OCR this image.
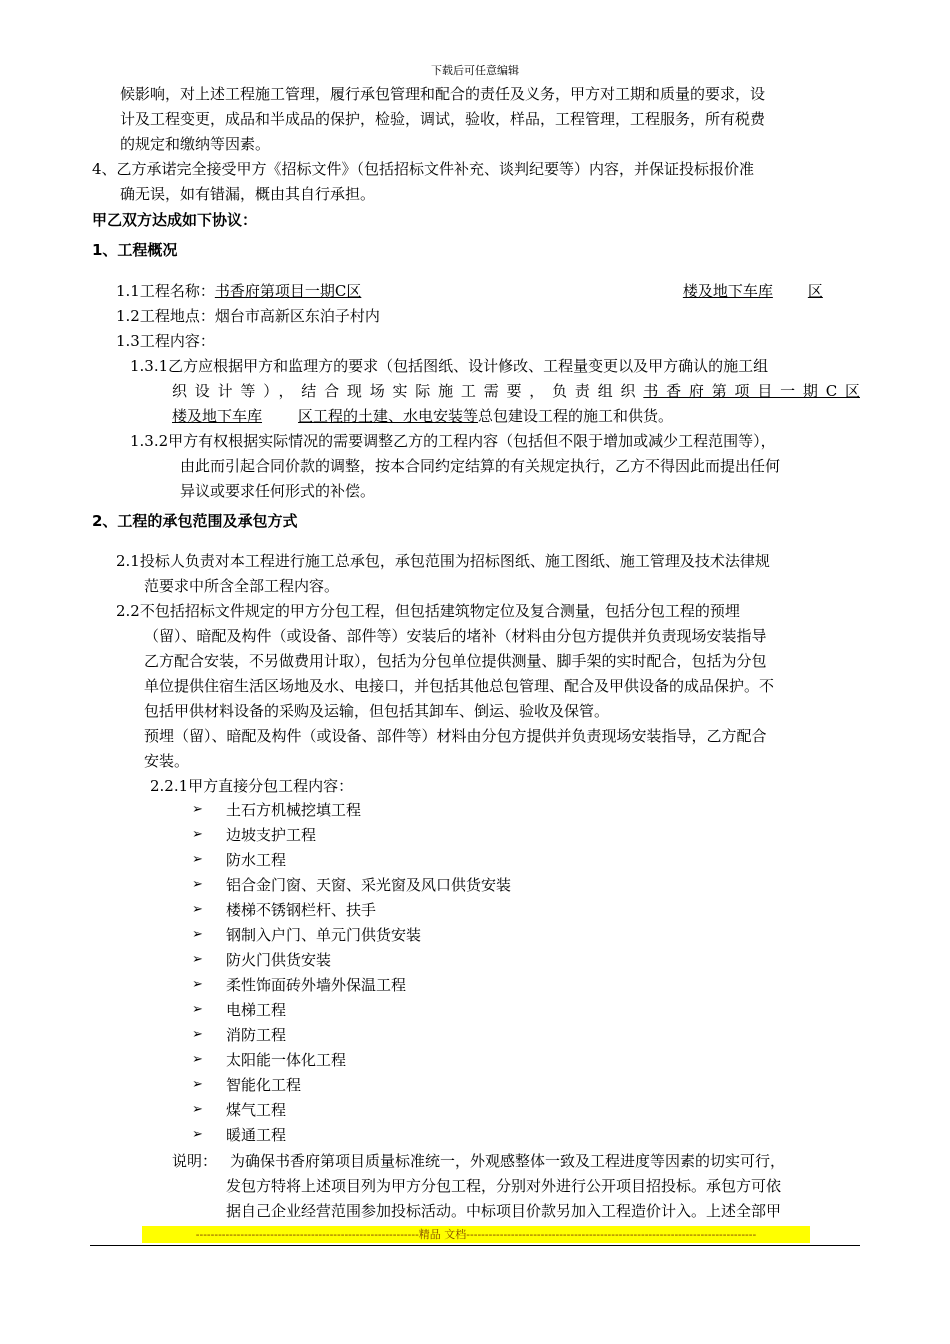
下载后可任意编辑
候影响，对上述工程施工管理，履行承包管理和配合的责任及义务，甲方对工期和质量的要求，设
计及工程变更，成品和半成品的保护，检验，调试，验收，样品，工程管理，工程服务，所有税费
的规定和缴纳等因素。
4、乙方承诺完全接受甲方《招标文件》（包括招标文件补充、谈判纪要等）内容，并保证投标报价准
确无误，如有错漏，概由其自行承担。
甲乙双方达成如下协议：
1、工程概况
1.1工程名称：书香府第项目一期C区	楼及地下车库 区
1.2工程地点：烟台市高新区东泊子村内
1.3工程内容：
1.3.1乙方应根据甲方和监理方的要求（包括图纸、设计修改、工程量变更以及甲方确认的施工组
织设计等），结合现场实际施工需要，负责组织书香府第项目一期C区
楼及地下车库 区工程的土建、水电安装等总包建设工程的施工和供货。
1.3.2甲方有权根据实际情况的需要调整乙方的工程内容（包括但不限于增加或减少工程范围等），
由此而引起合同价款的调整，按本合同约定结算的有关规定执行，乙方不得因此而提出任何
异议或要求任何形式的补偿。
2、工程的承包范围及承包方式
2.1投标人负责对本工程进行施工总承包，承包范围为招标图纸、施工图纸、施工管理及技术法律规
范要求中所含全部工程内容。
2.2不包括招标文件规定的甲方分包工程，但包括建筑物定位及复合测量，包括分包工程的预埋
（留）、暗配及构件（或设备、部件等）安装后的堵补（材料由分包方提供并负责现场安装指导
乙方配合安装，不另做费用计取），包括为分包单位提供测量、脚手架的实时配合，包括为分包
单位提供住宿生活区场地及水、电接口，并包括其他总包管理、配合及甲供设备的成品保护。不
包括甲供材料设备的采购及运输，但包括其卸车、倒运、验收及保管。
预埋（留）、暗配及构件（或设备、部件等）材料由分包方提供并负责现场安装指导，乙方配合
安装。
2.2.1甲方直接分包工程内容：
➢ 土石方机械挖填工程
➢ 边坡支护工程
➢ 防水工程
➢ 铝合金门窗、天窗、采光窗及风口供货安装
➢ 楼梯不锈钢栏杆、扶手
➢ 钢制入户门、单元门供货安装
➢ 防火门供货安装
➢ 柔性饰面砖外墙外保温工程
➢ 电梯工程
➢ 消防工程
➢ 太阳能一体化工程
➢ 智能化工程
➢ 煤气工程
➢ 暖通工程
说明： 为确保书香府第项目质量标准统一，外观感整体一致及工程进度等因素的切实可行，
发包方特将上述项目列为甲方分包工程，分别对外进行公开项目招投标。承包方可依
据自己企业经营范围参加投标活动。中标项目价款另加入工程造价计入。上述全部甲
------------------------------------------------------------精品 文档------------------------------------------------------------------------------
